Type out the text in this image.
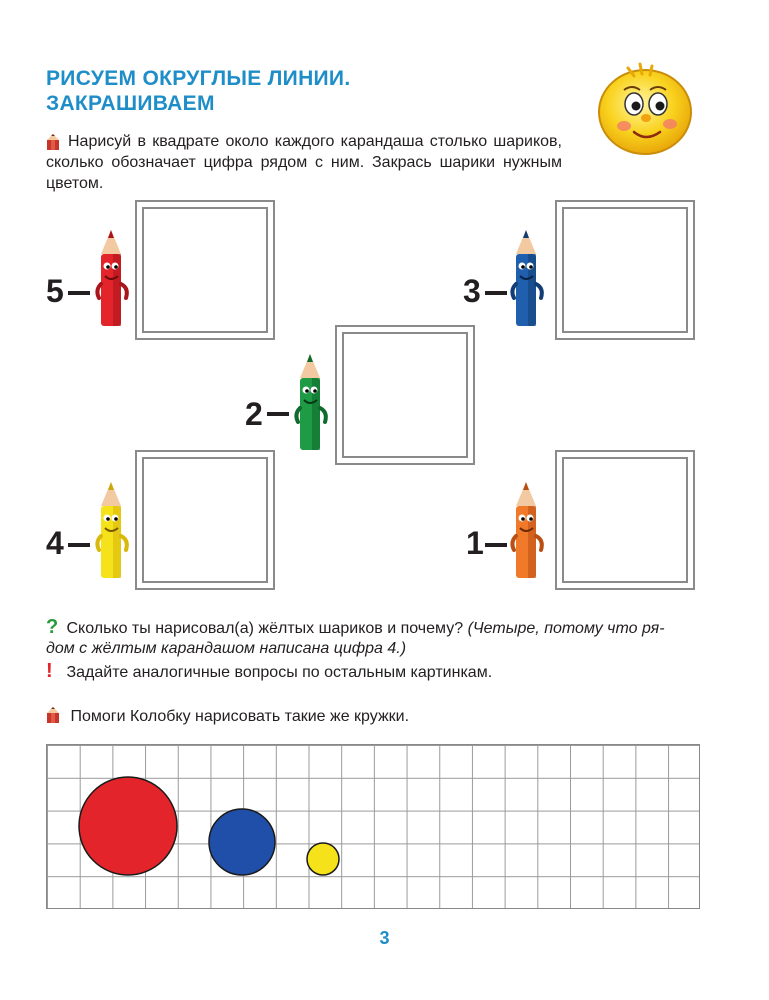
РИСУЕМ ОКРУГЛЫЕ ЛИНИИ.
ЗАКРАШИВАЕМ
Нарисуй в квадрате около каждого карандаша столько шариков, сколько обозначает цифра рядом с ним. Закрась шарики нужным цветом.
5	3
2
4	1
? Сколько ты нарисовал(а) жёлтых шариков и почему? (Четыре, потому что ря-
дом с жёлтым карандашом написана цифра 4.)
! Задайте аналогичные вопросы по остальным картинкам.
Помоги Колобку нарисовать такие же кружки.
3
